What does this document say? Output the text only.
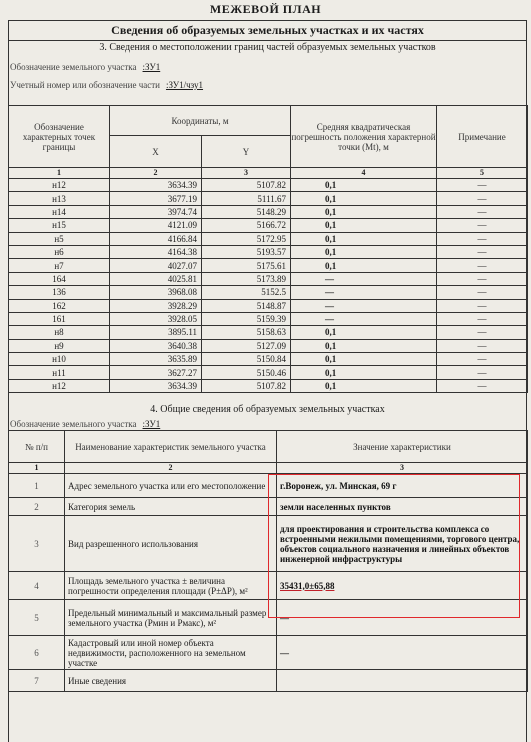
МЕЖЕВОЙ ПЛАН
Сведения об образуемых земельных участках и их частях
3. Сведения о местоположении границ частей образуемых земельных участков
Обозначение земельного участка :ЗУ1
Учетный номер или обозначение части :ЗУ1/чзу1
Обозначение характерных точек границы	Координаты, м		Средняя квадратическая погрешность положения характерной точки (Mt), м	Примечание
	X	Y		
1	2	3	4	5
н12	3634.39	5107.82	0,1	—
н13	3677.19	5111.67	0,1	—
н14	3974.74	5148.29	0,1	—
н15	4121.09	5166.72	0,1	—
н5	4166.84	5172.95	0,1	—
н6	4164.38	5193.57	0,1	—
н7	4027.07	5175.61	0,1	—
164	4025.81	5173.89	—	—
136	3968.08	5152.5	—	—
162	3928.29	5148.87	—	—
161	3928.05	5159.39	—	—
н8	3895.11	5158.63	0,1	—
н9	3640.38	5127.09	0,1	—
н10	3635.89	5150.84	0,1	—
н11	3627.27	5150.46	0,1	—
н12	3634.39	5107.82	0,1	—
4. Общие сведения об образуемых земельных участках
Обозначение земельного участка :ЗУ1
№ п/п	Наименование характеристик земельного участка	Значение характеристики
1	2	3
1	Адрес земельного участка или его местоположение	г.Воронеж, ул. Минская, 69 г
2	Категория земель	земли населенных пунктов
3	Вид разрешенного использования	для проектирования и строительства комплекса со встроенными нежилыми помещениями, торгового центра, объектов социального назначения и линейных объектов инженерной инфраструктуры
4	Площадь земельного участка ± величина погрешности определения площади (P±ΔP), м²	35431,0±65,88
5	Предельный минимальный и максимальный размер земельного участка (Рмин и Рмакс), м²	—
6	Кадастровый или иной номер объекта недвижимости, расположенного на земельном участке	—
7	Иные сведения	
